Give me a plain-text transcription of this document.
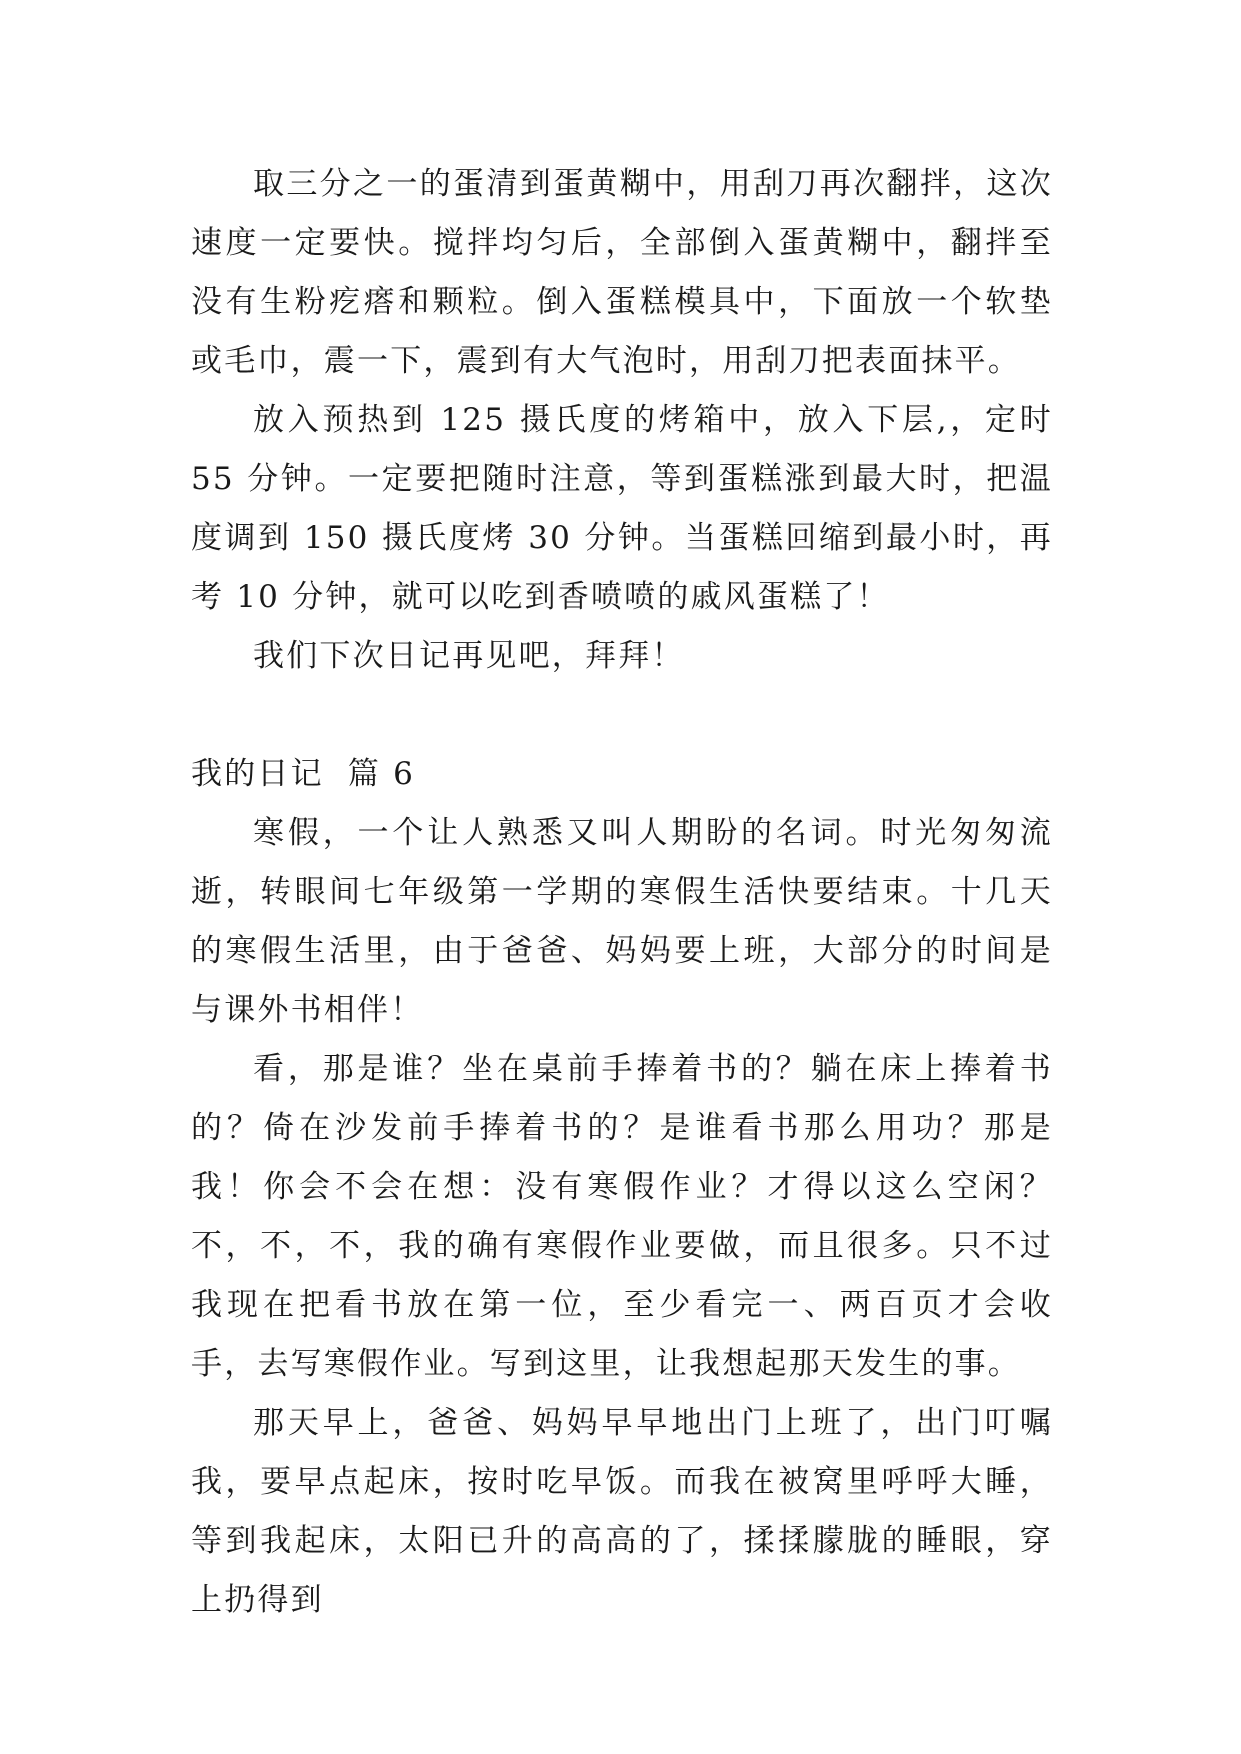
取三分之一的蛋清到蛋黄糊中，用刮刀再次翻拌，这次速度一定要快。搅拌均匀后，全部倒入蛋黄糊中，翻拌至没有生粉疙瘩和颗粒。倒入蛋糕模具中，下面放一个软垫或毛巾，震一下，震到有大气泡时，用刮刀把表面抹平。

放入预热到 125 摄氏度的烤箱中，放入下层,，定时 55 分钟。一定要把随时注意，等到蛋糕涨到最大时，把温度调到 150 摄氏度烤 30 分钟。当蛋糕回缩到最小时，再考 10 分钟，就可以吃到香喷喷的戚风蛋糕了！

我们下次日记再见吧，拜拜！

我的日记  篇 6

寒假，一个让人熟悉又叫人期盼的名词。时光匆匆流逝，转眼间七年级第一学期的寒假生活快要结束。十几天的寒假生活里，由于爸爸、妈妈要上班，大部分的时间是与课外书相伴！

看，那是谁？坐在桌前手捧着书的？躺在床上捧着书的？倚在沙发前手捧着书的？是谁看书那么用功？那是我！你会不会在想：没有寒假作业？才得以这么空闲？不，不，不，我的确有寒假作业要做，而且很多。只不过我现在把看书放在第一位，至少看完一、两百页才会收手，去写寒假作业。写到这里，让我想起那天发生的事。

那天早上，爸爸、妈妈早早地出门上班了，出门叮嘱我，要早点起床，按时吃早饭。而我在被窝里呼呼大睡，等到我起床，太阳已升的高高的了，揉揉朦胧的睡眼，穿上扔得到
